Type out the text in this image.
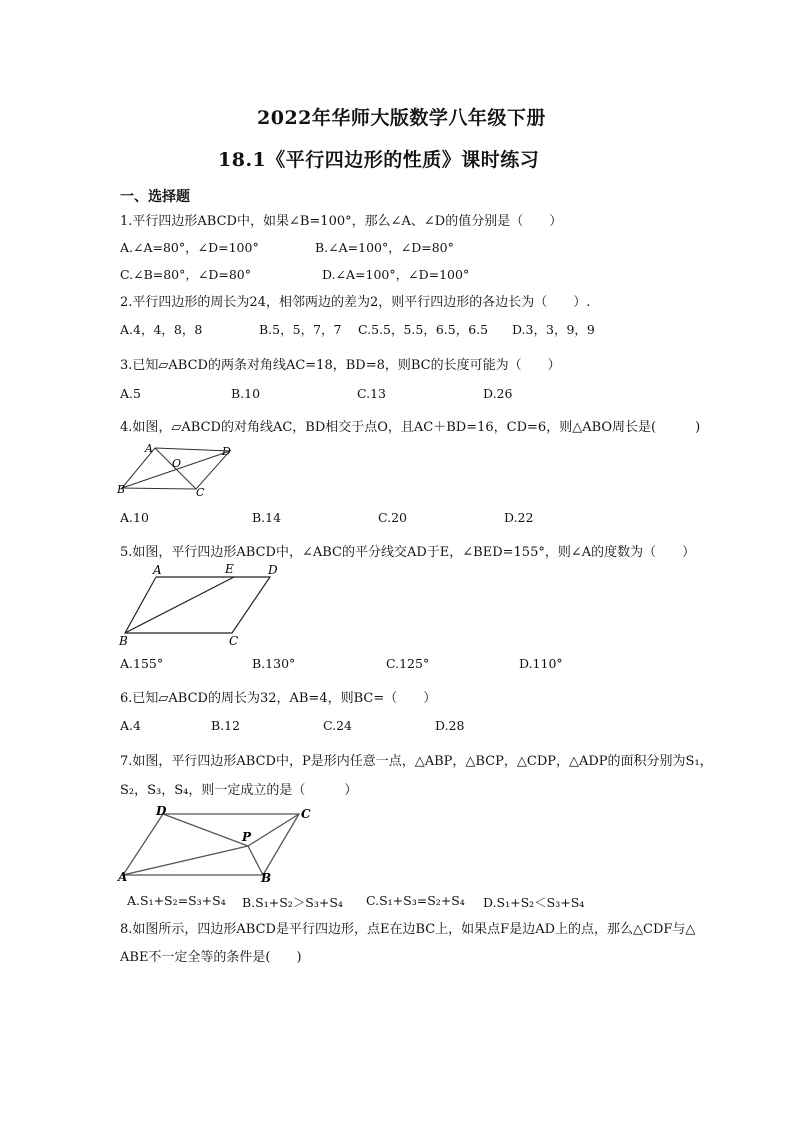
2022年华师大版数学八年级下册
18.1《平行四边形的性质》课时练习
一、选择题
1.平行四边形ABCD中，如果∠B=100°，那么∠A、∠D的值分别是（　　）
A.∠A=80°，∠D=100°	B.∠A=100°，∠D=80°
C.∠B=80°，∠D=80°	D.∠A=100°，∠D=100°
2.平行四边形的周长为24，相邻两边的差为2，则平行四边形的各边长为（　　）.
A.4，4，8，8	B.5，5，7，7 C.5.5，5.5，6.5，6.5 D.3，3，9，9
3.已知▱ABCD的两条对角线AC=18，BD=8，则BC的长度可能为（　　）
A.5	B.10	C.13	D.26
4.如图，▱ABCD的对角线AC，BD相交于点O，且AC＋BD=16，CD=6，则△ABO周长是(　　　)
A
O
D
B	C
A.10	B.14	C.20	D.22
5.如图，平行四边形ABCD中，∠ABC的平分线交AD于E，∠BED=155°，则∠A的度数为（　　）
A	E	D
B	C
A.155°	B.130°	C.125°	D.110°
6.已知▱ABCD的周长为32，AB=4，则BC=（　　）
A.4	B.12	C.24	D.28
7.如图，平行四边形ABCD中，P是形内任意一点，△ABP，△BCP，△CDP，△ADP的面积分别为S₁，
S₂，S₃，S₄，则一定成立的是（　　　）
D	C
P
A	B
A.S₁+S₂=S₃+S₄ B.S₁+S₂＞S₃+S₄ C.S₁+S₃=S₂+S₄ D.S₁+S₂＜S₃+S₄
8.如图所示，四边形ABCD是平行四边形，点E在边BC上，如果点F是边AD上的点，那么△CDF与△
ABE不一定全等的条件是(　　)
